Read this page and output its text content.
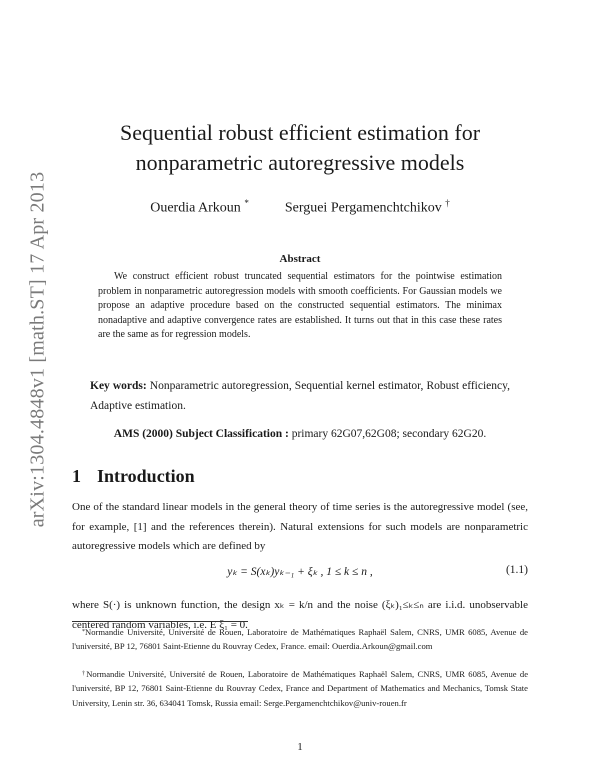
arXiv:1304.4848v1 [math.ST] 17 Apr 2013
Sequential robust efficient estimation for
nonparametric autoregressive models
Ouerdia Arkoun *	Serguei Pergamenchtchikov †
Abstract

We construct efficient robust truncated sequential estimators for the pointwise estimation problem in nonparametric autoregression models with smooth coefficients. For Gaussian models we propose an adaptive procedure based on the constructed sequential estimators. The minimax nonadaptive and adaptive convergence rates are established. It turns out that in this case these rates are the same as for regression models.

Key words: Nonparametric autoregression, Sequential kernel estimator, Robust efficiency, Adaptive estimation.

AMS (2000) Subject Classification : primary 62G07,62G08; secondary 62G20.
1 Introduction

One of the standard linear models in the general theory of time series is the autoregressive model (see, for example, [1] and the references therein). Natural extensions for such models are nonparametric autoregressive models which are defined by

yₖ = S(xₖ)yₖ₋₁ + ξₖ , 1 ≤ k ≤ n ,	(1.1)

where S(·) is unknown function, the design xₖ = k/n and the noise (ξₖ)₁≤ₖ≤ₙ are i.i.d. unobservable centered random variables, i.e. E ξ₁ = 0.

*Normandie Université, Université de Rouen, Laboratoire de Mathématiques Raphaël Salem, CNRS, UMR 6085, Avenue de l'université, BP 12, 76801 Saint-Etienne du Rouvray Cedex, France. email: Ouerdia.Arkoun@gmail.com

†Normandie Université, Université de Rouen, Laboratoire de Mathématiques Raphaël Salem, CNRS, UMR 6085, Avenue de l'université, BP 12, 76801 Saint-Etienne du Rouvray Cedex, France and Department of Mathematics and Mechanics, Tomsk State University, Lenin str. 36, 634041 Tomsk, Russia email: Serge.Pergamenchtchikov@univ-rouen.fr

1
